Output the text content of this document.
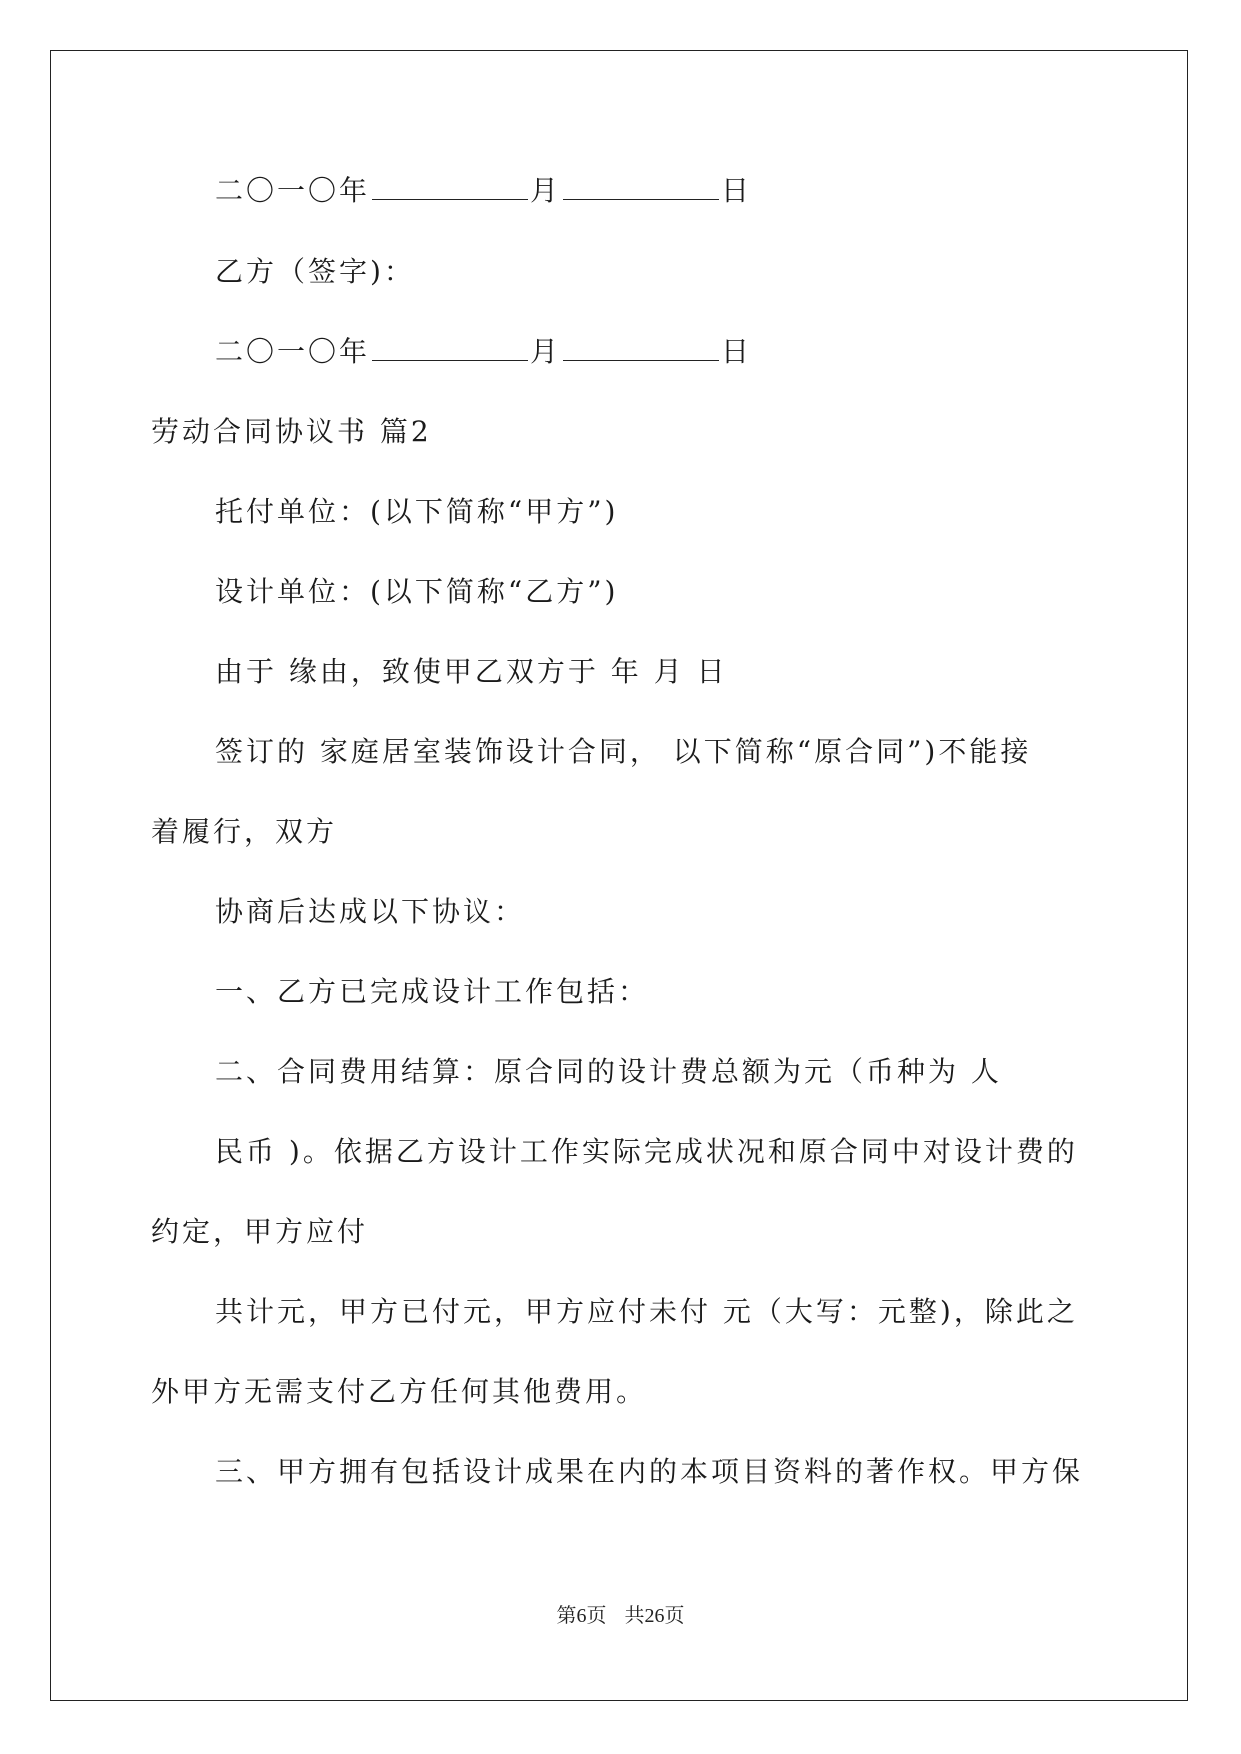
二〇一〇年	月	日
乙方（签字)：
二〇一〇年	月	日
劳动合同协议书 篇2
托付单位：(以下简称“甲方”)
设计单位：(以下简称“乙方”)
由于 缘由，致使甲乙双方于 年 月 日
签订的 家庭居室装饰设计合同， 以下简称“原合同”)不能接
着履行，双方
协商后达成以下协议：
一、乙方已完成设计工作包括：
二、合同费用结算：原合同的设计费总额为元（币种为 人
民币 )。依据乙方设计工作实际完成状况和原合同中对设计费的
约定，甲方应付
共计元，甲方已付元，甲方应付未付 元（大写：元整)，除此之
外甲方无需支付乙方任何其他费用。
三、甲方拥有包括设计成果在内的本项目资料的著作权。甲方保
第6页 共26页
